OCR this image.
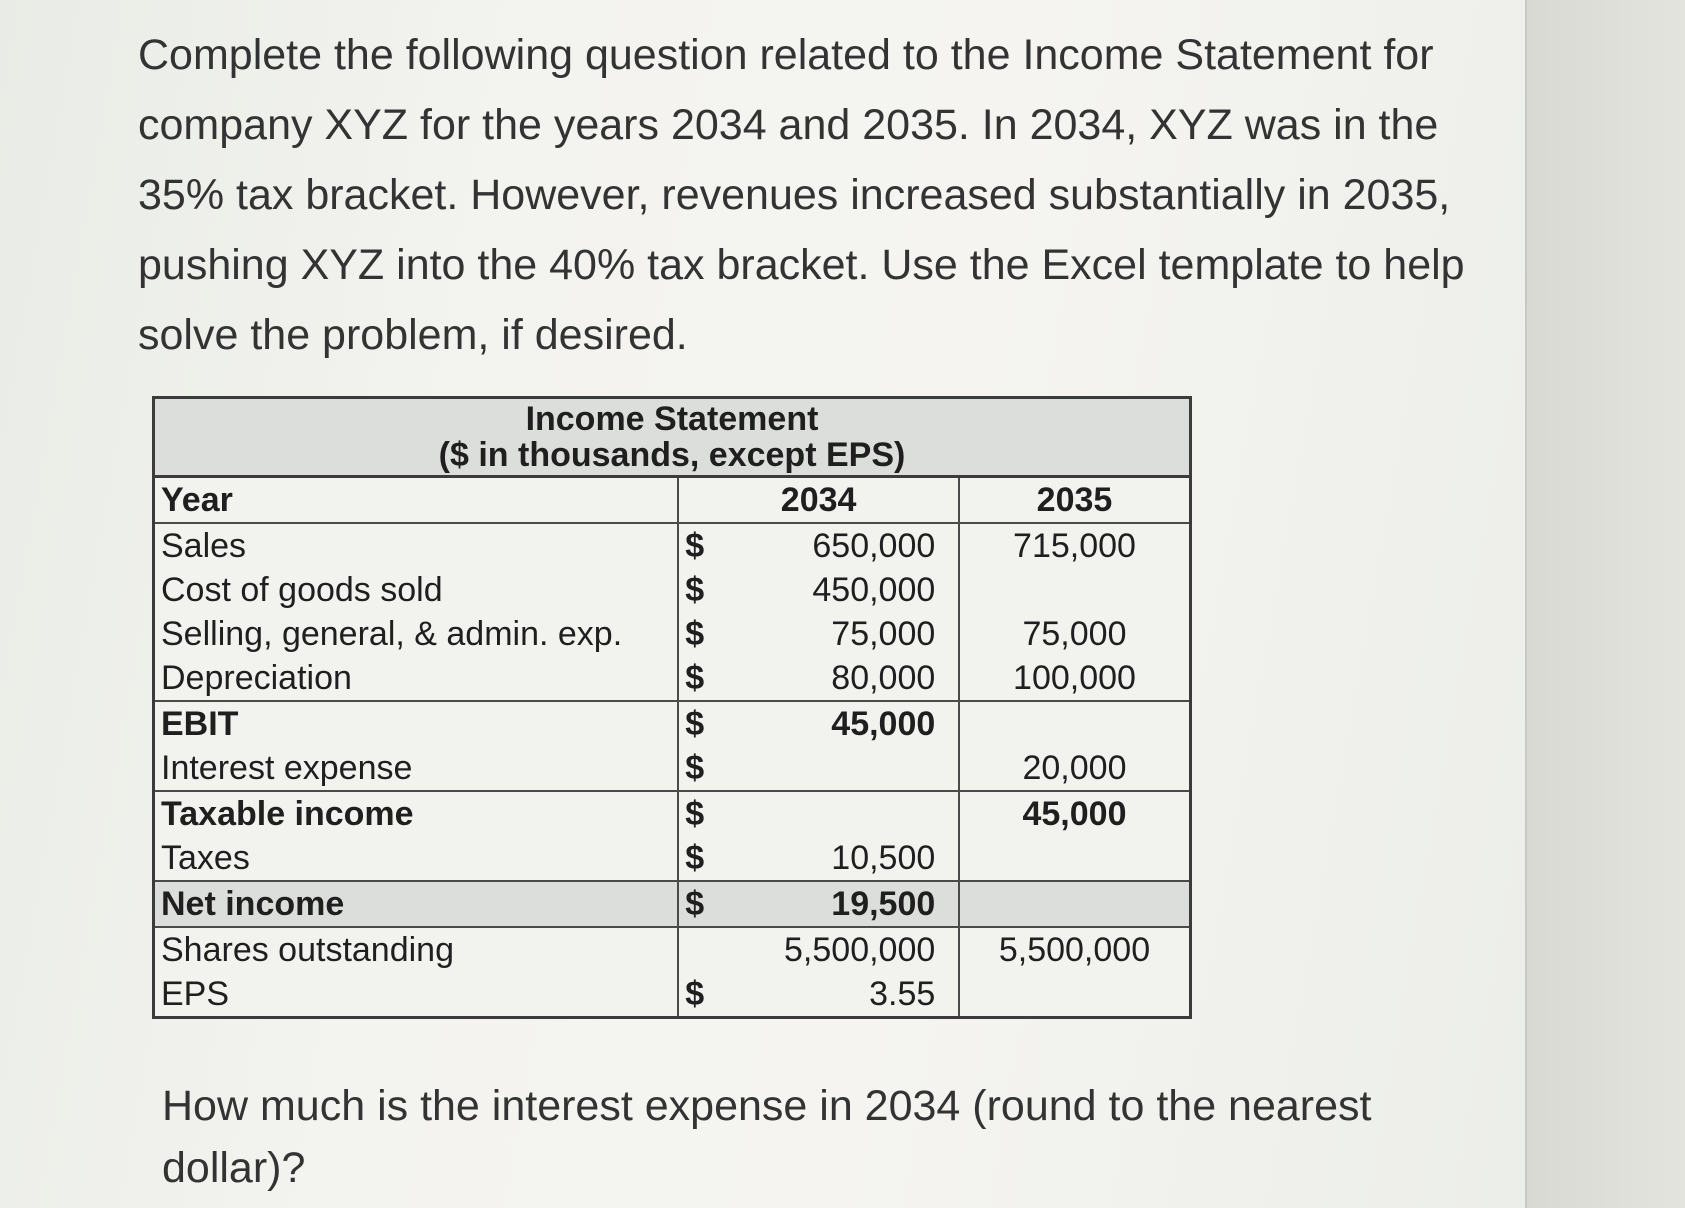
Complete the following question related to the Income Statement for company XYZ for the years 2034 and 2035. In 2034, XYZ was in the 35% tax bracket. However, revenues increased substantially in 2035, pushing XYZ into the 40% tax bracket. Use the Excel template to help solve the problem, if desired.

Income Statement
($ in thousands, except EPS)		

Year	2034	2035
Sales	$ 650,000	715,000
Cost of goods sold	$ 450,000	
Selling, general, & admin. exp.	$ 75,000	75,000
Depreciation	$ 80,000	100,000
EBIT	$ 45,000	
Interest expense	$	20,000
Taxable income	$	45,000
Taxes	$ 10,500	
Net income	$ 19,500	
Shares outstanding	5,500,000	5,500,000
EPS	$ 3.55	

How much is the interest expense in 2034 (round to the nearest dollar)?
